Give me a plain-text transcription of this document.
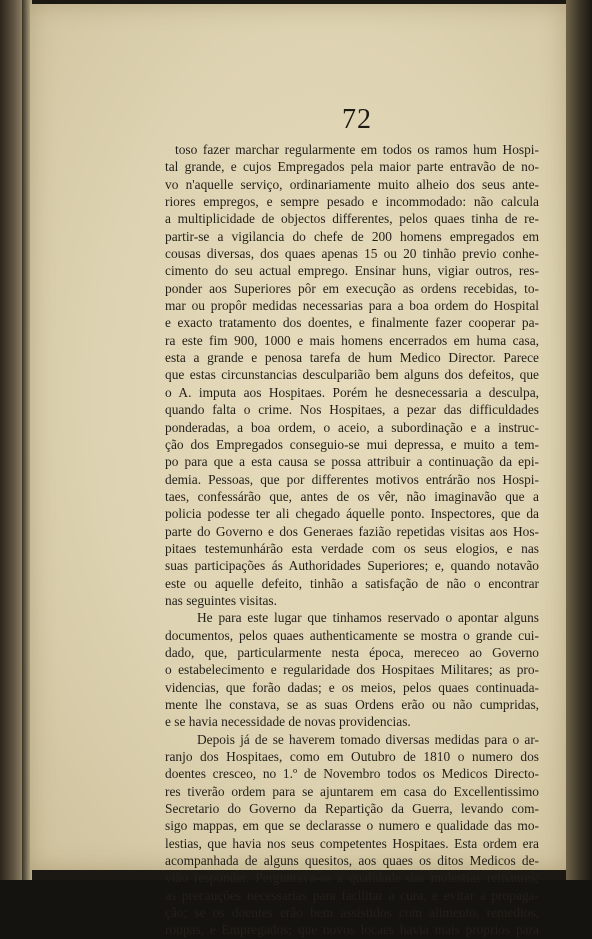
72
toso fazer marchar regularmente em todos os ramos hum Hospi-
tal grande, e cujos Empregados pela maior parte entravão de no-
vo n'aquelle serviço, ordinariamente muito alheio dos seus ante-
riores empregos, e sempre pesado e incommodado: não calcula
a multiplicidade de objectos differentes, pelos quaes tinha de re-
partir-se a vigilancia do chefe de 200 homens empregados em
cousas diversas, dos quaes apenas 15 ou 20 tinhão previo conhe-
cimento do seu actual emprego. Ensinar huns, vigiar outros, res-
ponder aos Superiores pôr em execução as ordens recebidas, to-
mar ou propôr medidas necessarias para a boa ordem do Hospital
e exacto tratamento dos doentes, e finalmente fazer cooperar pa-
ra este fim 900, 1000 e mais homens encerrados em huma casa,
esta a grande e penosa tarefa de hum Medico Director. Parece
que estas circunstancias desculparião bem alguns dos defeitos, que
o A. imputa aos Hospitaes. Porém he desnecessaria a desculpa,
quando falta o crime. Nos Hospitaes, a pezar das difficuldades
ponderadas, a boa ordem, o aceio, a subordinação e a instruc-
ção dos Empregados conseguio-se mui depressa, e muito a tem-
po para que a esta causa se possa attribuir a continuação da epi-
demia. Pessoas, que por differentes motivos entrárão nos Hospi-
taes, confessárão que, antes de os vêr, não imaginavão que a
policia podesse ter ali chegado áquelle ponto. Inspectores, que da
parte do Governo e dos Generaes fazião repetidas visitas aos Hos-
pitaes testemunhárão esta verdade com os seus elogios, e nas
suas participações ás Authoridades Superiores; e, quando notavão
este ou aquelle defeito, tinhão a satisfação de não o encontrar
nas seguintes visitas.
He para este lugar que tinhamos reservado o apontar alguns
documentos, pelos quaes authenticamente se mostra o grande cui-
dado, que, particularmente nesta época, mereceo ao Governo
o estabelecimento e regularidade dos Hospitaes Militares; as pro-
videncias, que forão dadas; e os meios, pelos quaes continuada-
mente lhe constava, se as suas Ordens erão ou não cumpridas,
e se havia necessidade de novas providencias.
Depois já de se haverem tomado diversas medidas para o ar-
ranjo dos Hospitaes, como em Outubro de 1810 o numero dos
doentes cresceo, no 1.º de Novembro todos os Medicos Directo-
res tiverão ordem para se ajuntarem em casa do Excellentissimo
Secretario do Governo da Repartição da Guerra, levando com-
sigo mappas, em que se declarasse o numero e qualidade das mo-
lestias, que havia nos seus competentes Hospitaes. Esta ordem era
acompanhada de alguns quesitos, aos quaes os ditos Medicos de-
vião responder. Perguntava-se a qualidade das molestias reinantes;
as precauções necessarias para facilitar a cura, e evitar a propaga-
ção; se os doentes erão bem assistidos com alimento, remedios,
roupas, e Empregados; que novos locaes havia mais proprios para
